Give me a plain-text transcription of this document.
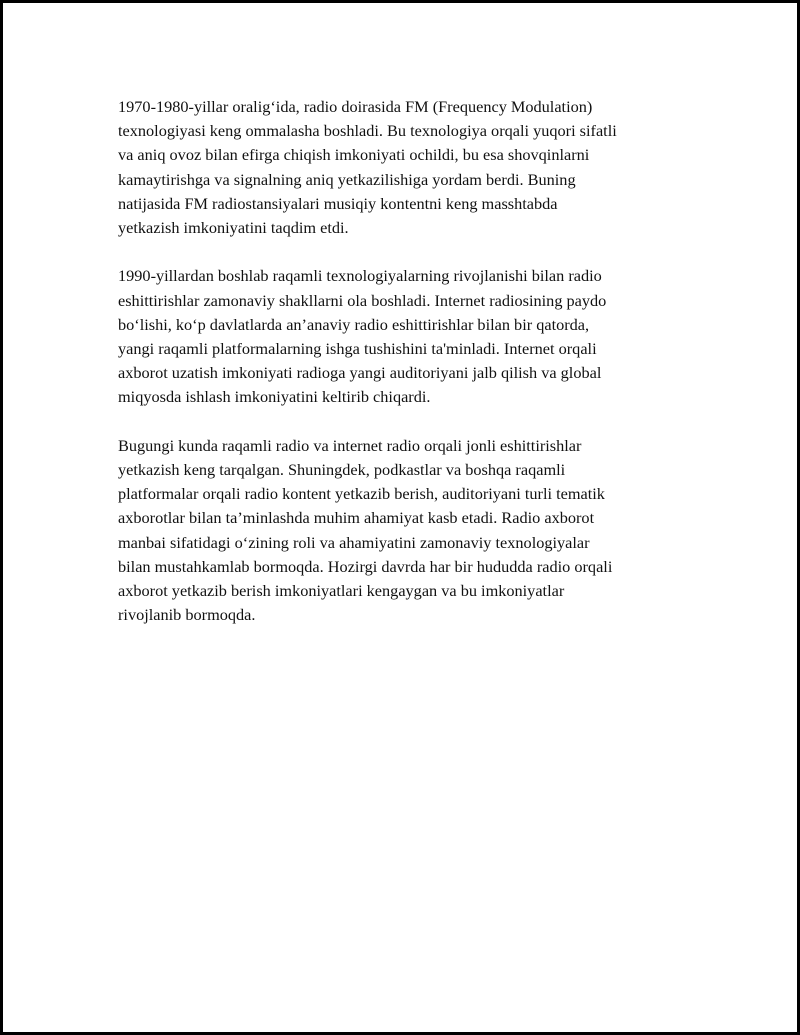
1970-1980-yillar oralig‘ida, radio doirasida FM (Frequency Modulation)
texnologiyasi keng ommalasha boshladi. Bu texnologiya orqali yuqori sifatli
va aniq ovoz bilan efirga chiqish imkoniyati ochildi, bu esa shovqinlarni
kamaytirishga va signalning aniq yetkazilishiga yordam berdi. Buning
natijasida FM radiostansiyalari musiqiy kontentni keng masshtabda
yetkazish imkoniyatini taqdim etdi.

1990-yillardan boshlab raqamli texnologiyalarning rivojlanishi bilan radio
eshittirishlar zamonaviy shakllarni ola boshladi. Internet radiosining paydo
bo‘lishi, ko‘p davlatlarda an’anaviy radio eshittirishlar bilan bir qatorda,
yangi raqamli platformalarning ishga tushishini ta'minladi. Internet orqali
axborot uzatish imkoniyati radioga yangi auditoriyani jalb qilish va global
miqyosda ishlash imkoniyatini keltirib chiqardi.

Bugungi kunda raqamli radio va internet radio orqali jonli eshittirishlar
yetkazish keng tarqalgan. Shuningdek, podkastlar va boshqa raqamli
platformalar orqali radio kontent yetkazib berish, auditoriyani turli tematik
axborotlar bilan ta’minlashda muhim ahamiyat kasb etadi. Radio axborot
manbai sifatidagi o‘zining roli va ahamiyatini zamonaviy texnologiyalar
bilan mustahkamlab bormoqda. Hozirgi davrda har bir hududda radio orqali
axborot yetkazib berish imkoniyatlari kengaygan va bu imkoniyatlar
rivojlanib bormoqda.
